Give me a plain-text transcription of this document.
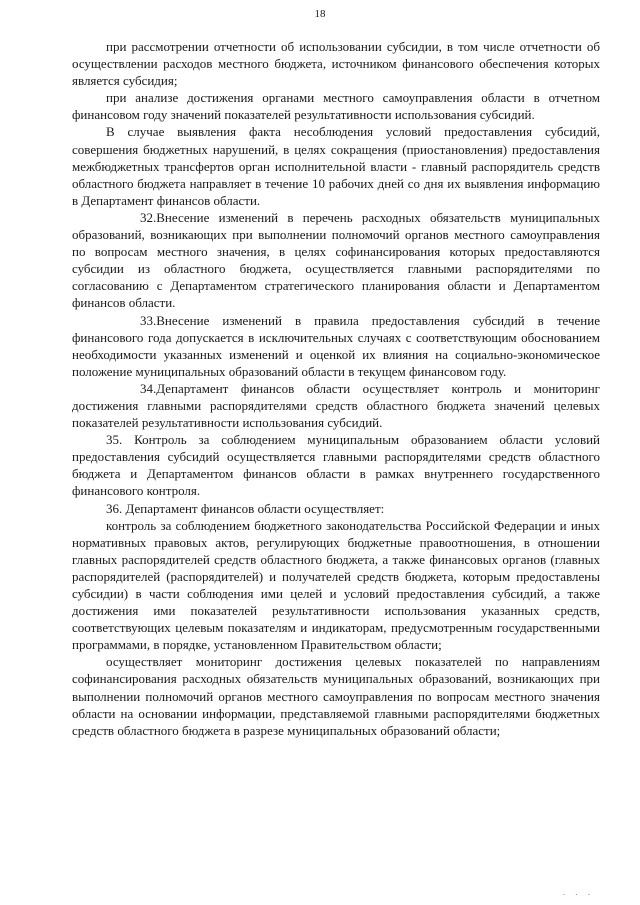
18

при рассмотрении отчетности об использовании субсидии, в том числе отчетности об осуществлении расходов местного бюджета, источником финансового обеспечения которых является субсидия;

при анализе достижения органами местного самоуправления области в отчетном финансовом году значений показателей результативности использования субсидий.

В случае выявления факта несоблюдения условий предоставления субсидий, совершения бюджетных нарушений, в целях сокращения (приостановления) предоставления межбюджетных трансфертов орган исполнительной власти - главный распорядитель средств областного бюджета направляет в течение 10 рабочих дней со дня их выявления информацию в Департамент финансов области.

32.Внесение изменений в перечень расходных обязательств муниципальных образований, возникающих при выполнении полномочий органов местного самоуправления по вопросам местного значения, в целях софинансирования которых предоставляются субсидии из областного бюджета, осуществляется главными распорядителями по согласованию с Департаментом стратегического планирования области и Департаментом финансов области.

33.Внесение изменений в правила предоставления субсидий в течение финансового года допускается в исключительных случаях с соответствующим обоснованием необходимости указанных изменений и оценкой их влияния на социально-экономическое положение муниципальных образований области в текущем финансовом году.

34.Департамент финансов области осуществляет контроль и мониторинг достижения главными распорядителями средств областного бюджета значений целевых показателей результативности использования субсидий.

35. Контроль за соблюдением муниципальным образованием области условий предоставления субсидий осуществляется главными распорядителями средств областного бюджета и Департаментом финансов области в рамках внутреннего государственного финансового контроля.

36. Департамент финансов области осуществляет:

контроль за соблюдением бюджетного законодательства Российской Федерации и иных нормативных правовых актов, регулирующих бюджетные правоотношения, в отношении главных распорядителей средств областного бюджета, а также финансовых органов (главных распорядителей (распорядителей) и получателей средств бюджета, которым предоставлены субсидии) в части соблюдения ими целей и условий предоставления субсидий, а также достижения ими показателей результативности использования указанных средств, соответствующих целевым показателям и индикаторам, предусмотренным государственными программами, в порядке, установленном Правительством области;

осуществляет мониторинг достижения целевых показателей по направлениям софинансирования расходных обязательств муниципальных образований, возникающих при выполнении полномочий органов местного самоуправления по вопросам местного значения области на основании информации, представляемой главными распорядителями бюджетных средств областного бюджета в разрезе муниципальных образований области;

. . .
